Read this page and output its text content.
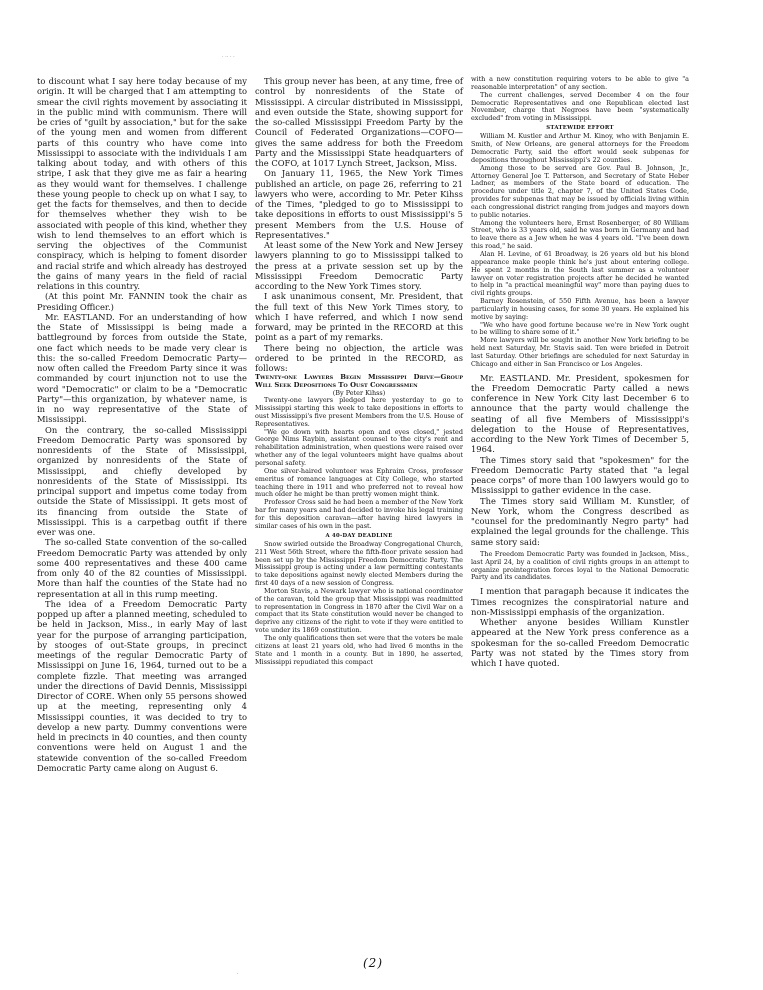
· ·· · ·

to discount what I say here today because of my origin. It will be charged that I am attempting to smear the civil rights movement by associating it in the public mind with communism. There will be cries of "guilt by association," but for the sake of the young men and women from different parts of this country who have come into Mississippi to associate with the individuals I am talking about today, and with others of this stripe, I ask that they give me as fair a hearing as they would want for themselves. I challenge these young people to check up on what I say, to get the facts for themselves, and then to decide for themselves whether they wish to be associated with people of this kind, whether they wish to lend themselves to an effort which is serving the objectives of the Communist conspiracy, which is helping to foment disorder and racial strife and which already has destroyed the gains of many years in the field of racial relations in this country.

(At this point Mr. FANNIN took the chair as Presiding Officer.)

Mr. EASTLAND. For an understanding of how the State of Mississippi is being made a battleground by forces from outside the State, one fact which needs to be made very clear is this: the so-called Freedom Democratic Party—now often called the Freedom Party since it was commanded by court injunction not to use the word "Democratic" or claim to be a "Democratic Party"—this organization, by whatever name, is in no way representative of the State of Mississippi.

On the contrary, the so-called Mississippi Freedom Democratic Party was sponsored by nonresidents of the State of Mississippi, organized by nonresidents of the State of Mississippi, and chiefly developed by nonresidents of the State of Mississippi. Its principal support and impetus come today from outside the State of Mississippi. It gets most of its financing from outside the State of Mississippi. This is a carpetbag outfit if there ever was one.

The so-called State convention of the so-called Freedom Democratic Party was attended by only some 400 representatives and these 400 came from only 40 of the 82 counties of Mississippi. More than half the counties of the State had no representation at all in this rump meeting.

The idea of a Freedom Democratic Party popped up after a planned meeting, scheduled to be held in Jackson, Miss., in early May of last year for the purpose of arranging participation, by stooges of out-State groups, in precinct meetings of the regular Democratic Party of Mississippi on June 16, 1964, turned out to be a complete fizzle. That meeting was arranged under the directions of David Dennis, Mississippi Director of CORE. When only 55 persons showed up at the meeting, representing only 4 Mississippi counties, it was decided to try to develop a new party. Dummy conventions were held in precincts in 40 counties, and then county conventions were held on August 1 and the statewide convention of the so-called Freedom Democratic Party came along on August 6.

This group never has been, at any time, free of control by nonresidents of the State of Mississippi. A circular distributed in Mississippi, and even outside the State, showing support for the so-called Mississippi Freedom Party by the Council of Federated Organizations—COFO—gives the same address for both the Freedom Party and the Mississippi State headquarters of the COFO, at 1017 Lynch Street, Jackson, Miss.

On January 11, 1965, the New York Times published an article, on page 26, referring to 21 lawyers who were, according to Mr. Peter Kihss of the Times, "pledged to go to Mississippi to take depositions in efforts to oust Mississippi's 5 present Members from the U.S. House of Representatives."

At least some of the New York and New Jersey lawyers planning to go to Mississippi talked to the press at a private session set up by the Mississippi Freedom Democratic Party according to the New York Times story.

I ask unanimous consent, Mr. President, that the full text of this New York Times story, to which I have referred, and which I now send forward, may be printed in the RECORD at this point as a part of my remarks.

There being no objection, the article was ordered to be printed in the RECORD, as follows:

Twenty-one Lawyers Begin Mississippi Drive—Group Will Seek Depositions To Oust Congressmen

(By Peter Kihss)

Twenty-one lawyers pledged here yesterday to go to Mississippi starting this week to take depositions in efforts to oust Mississippi's five present Members from the U.S. House of Representatives.

"We go down with hearts open and eyes closed," jested George Nims Raybin, assistant counsel to the city's rent and rehabilitation administration, when questions were raised over whether any of the legal volunteers might have qualms about personal safety.

One silver-haired volunteer was Ephraim Cross, professor emeritus of romance languages at City College, who started teaching there in 1911 and who preferred not to reveal how much older he might be than pretty women might think.

Professor Cross said he had been a member of the New York bar for many years and had decided to invoke his legal training for this deposition caravan—after having hired lawyers in similar cases of his own in the past.

A 40-DAY DEADLINE

Snow swirled outside the Broadway Congregational Church, 211 West 56th Street, where the fifth-floor private session had been set up by the Mississippi Freedom Democratic Party. The Mississippi group is acting under a law permitting contestants to take depositions against newly elected Members during the first 40 days of a new session of Congress.

Morton Stavis, a Newark lawyer who is national coordinator of the caravan, told the group that Mississippi was readmitted to representation in Congress in 1870 after the Civil War on a compact that its State constitution would never be changed to deprive any citizens of the right to vote if they were entitled to vote under its 1869 constitution.

The only qualifications then set were that the voters be male citizens at least 21 years old, who had lived 6 months in the State and 1 month in a county. But in 1890, he asserted, Mississippi repudiated this compact

with a new constitution requiring voters to be able to give "a reasonable interpretation" of any section.

The current challenges, served December 4 on the four Democratic Representatives and one Republican elected last November, charge that Negroes have been "systematically excluded" from voting in Mississippi.

STATEWIDE EFFORT

William M. Kustler and Arthur M. Kinoy, who with Benjamin E. Smith, of New Orleans, are general attorneys for the Freedom Democratic Party, said the effort would seek subpenas for depositions throughout Mississippi's 22 counties.

Among those to be served are Gov. Paul B. Johnson, Jr., Attorney General Joe T. Patterson, and Secretary of State Heber Ladner, as members of the State board of education. The procedure under title 2, chapter 7, of the United States Code, provides for subpenas that may be issued by officials living within each congressional district ranging from judges and mayors down to public notaries.

Among the volunteers here, Ernst Rosenberger, of 80 William Street, who is 33 years old, said he was born in Germany and had to leave there as a Jew when he was 4 years old. "I've been down this road," he said.

Alan H. Levine, of 61 Broadway, is 26 years old but his blond appearance make people think he's just about entering college. He spent 2 months in the South last summer as a volunteer lawyer on voter registration projects after he decided he wanted to help in "a practical meaningful way" more than paying dues to civil rights groups.

Barney Rosenstein, of 550 Fifth Avenue, has been a lawyer particularly in housing cases, for some 30 years. He explained his motive by saying:

"We who have good fortune because we're in New York ought to be willing to share some of it."

More lawyers will be sought in another New York briefing to be held next Saturday, Mr. Stavis said. Ten were briefed in Detroit last Saturday. Other briefings are scheduled for next Saturday in Chicago and either in San Francisco or Los Angeles.

Mr. EASTLAND. Mr. President, spokesmen for the Freedom Democratic Party called a news conference in New York City last December 6 to announce that the party would challenge the seating of all five Members of Mississippi's delegation to the House of Representatives, according to the New York Times of December 5, 1964.

The Times story said that "spokesmen" for the Freedom Democratic Party stated that "a legal peace corps" of more than 100 lawyers would go to Mississippi to gather evidence in the case.

The Times story said William M. Kunstler, of New York, whom the Congress described as "counsel for the predominantly Negro party" had explained the legal grounds for the challenge. This same story said:

The Freedom Democratic Party was founded in Jackson, Miss., last April 24, by a coalition of civil rights groups in an attempt to organize prointegration forces loyal to the National Democratic Party and its candidates.

I mention that paragaph because it indicates the Times recognizes the conspiratorial nature and non-Mississippi emphasis of the organization.

Whether anyone besides William Kunstler appeared at the New York press conference as a spokesman for the so-called Freedom Democratic Party was not stated by the Times story from which I have quoted.

(2)
·
